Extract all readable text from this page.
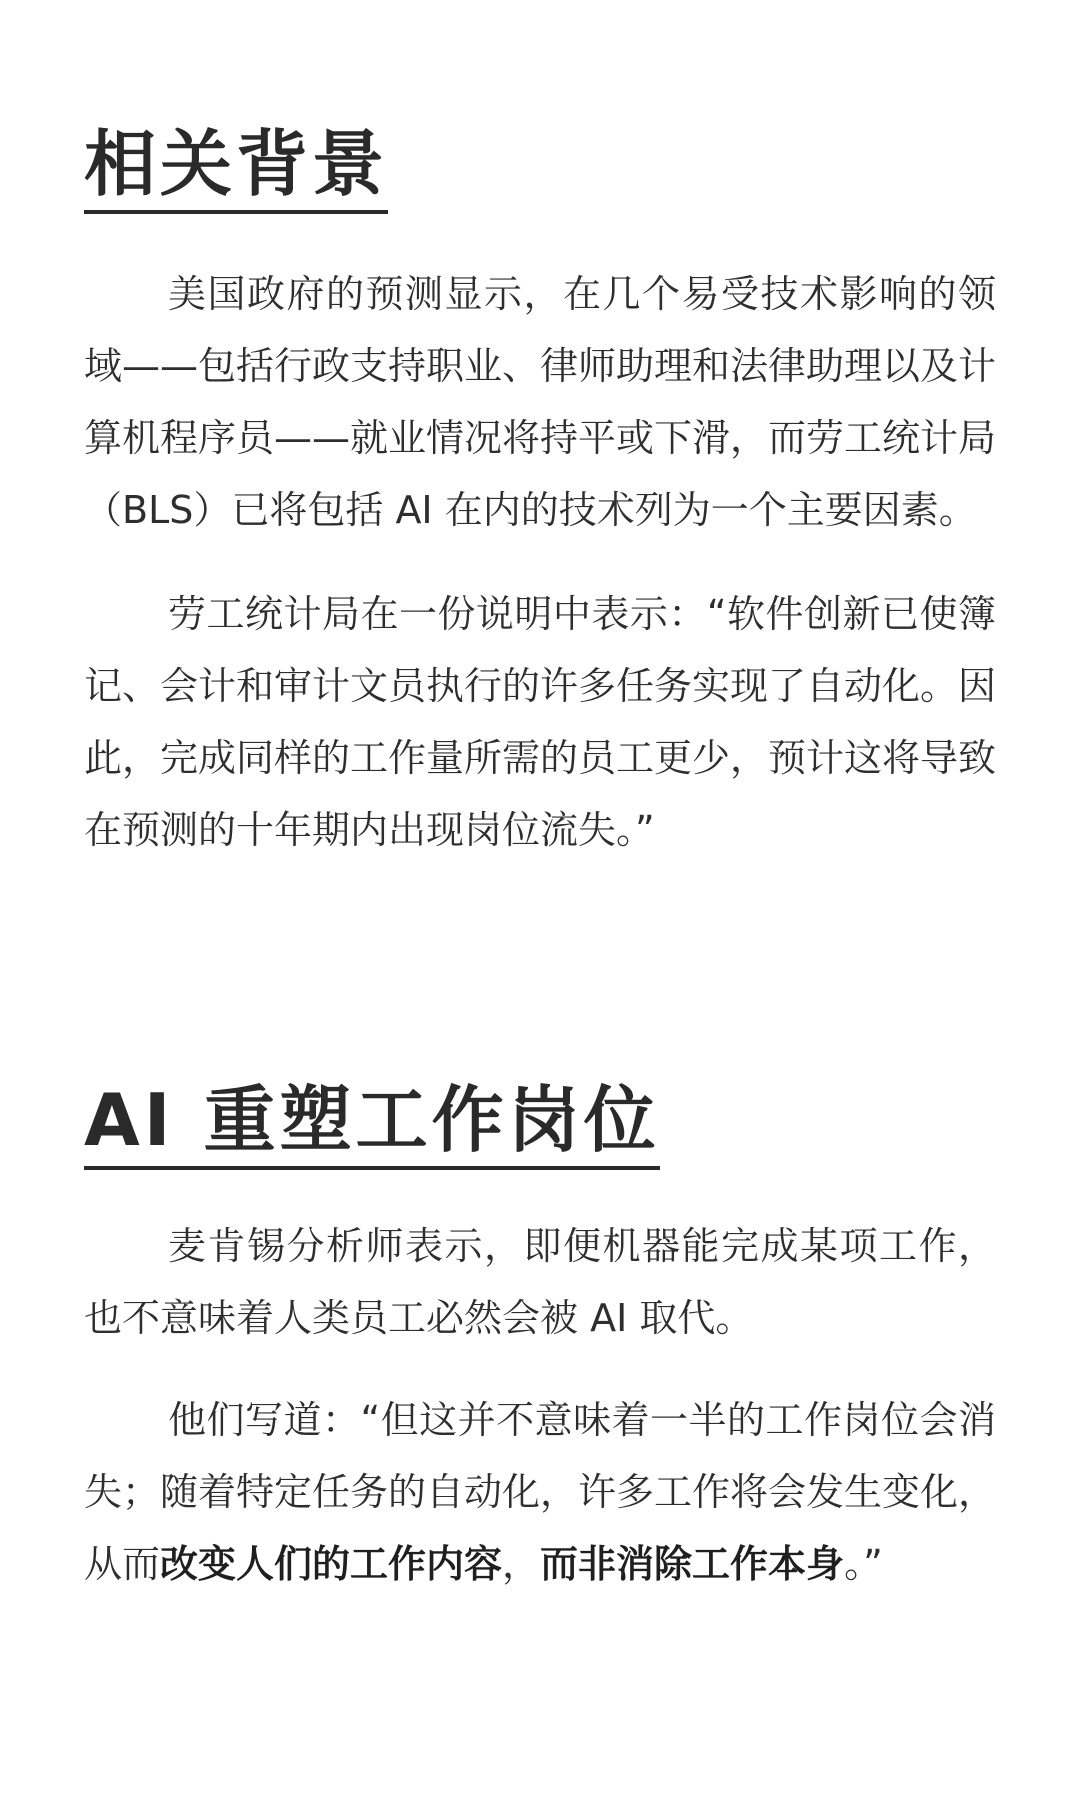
相关背景

美国政府的预测显示，在几个易受技术影响的领域——包括行政支持职业、律师助理和法律助理以及计算机程序员——就业情况将持平或下滑，而劳工统计局（BLS）已将包括 AI 在内的技术列为一个主要因素。

劳工统计局在一份说明中表示：“软件创新已使簿记、会计和审计文员执行的许多任务实现了自动化。因此，完成同样的工作量所需的员工更少，预计这将导致在预测的十年期内出现岗位流失。”

AI 重塑工作岗位

麦肯锡分析师表示，即便机器能完成某项工作，也不意味着人类员工必然会被 AI 取代。

他们写道：“但这并不意味着一半的工作岗位会消失；随着特定任务的自动化，许多工作将会发生变化，从而改变人们的工作内容，而非消除工作本身。”
